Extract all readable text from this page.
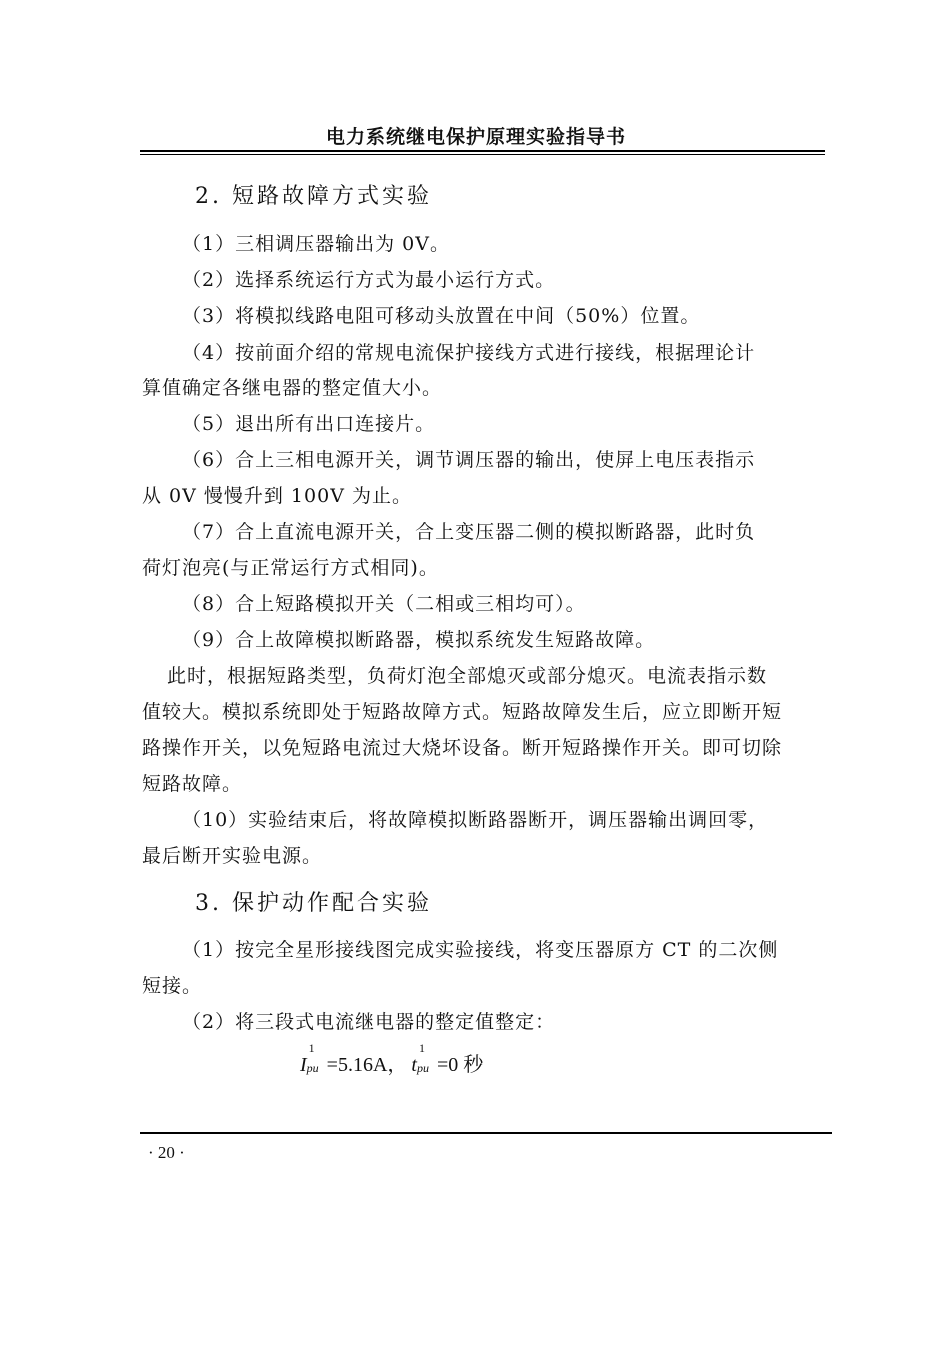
电力系统继电保护原理实验指导书
2. 短路故障方式实验
（1）三相调压器输出为 0V。
（2）选择系统运行方式为最小运行方式。
（3）将模拟线路电阻可移动头放置在中间（50%）位置。
（4）按前面介绍的常规电流保护接线方式进行接线，根据理论计
算值确定各继电器的整定值大小。
（5）退出所有出口连接片。
（6）合上三相电源开关，调节调压器的输出，使屏上电压表指示
从 0V 慢慢升到 100V 为止。
（7）合上直流电源开关，合上变压器二侧的模拟断路器，此时负
荷灯泡亮(与正常运行方式相同)。
（8）合上短路模拟开关（二相或三相均可）。
（9）合上故障模拟断路器，模拟系统发生短路故障。
此时，根据短路类型，负荷灯泡全部熄灭或部分熄灭。电流表指示数
值较大。模拟系统即处于短路故障方式。短路故障发生后，应立即断开短
路操作开关，以免短路电流过大烧坏设备。断开短路操作开关。即可切除
短路故障。
（10）实验结束后，将故障模拟断路器断开，调压器输出调回零，
最后断开实验电源。
3. 保护动作配合实验
（1）按完全星形接线图完成实验接线，将变压器原方 CT 的二次侧
短接。
（2）将三段式电流继电器的整定值整定：
I
1
pu =5.16A， t
1
pu =0 秒
· 20 ·
